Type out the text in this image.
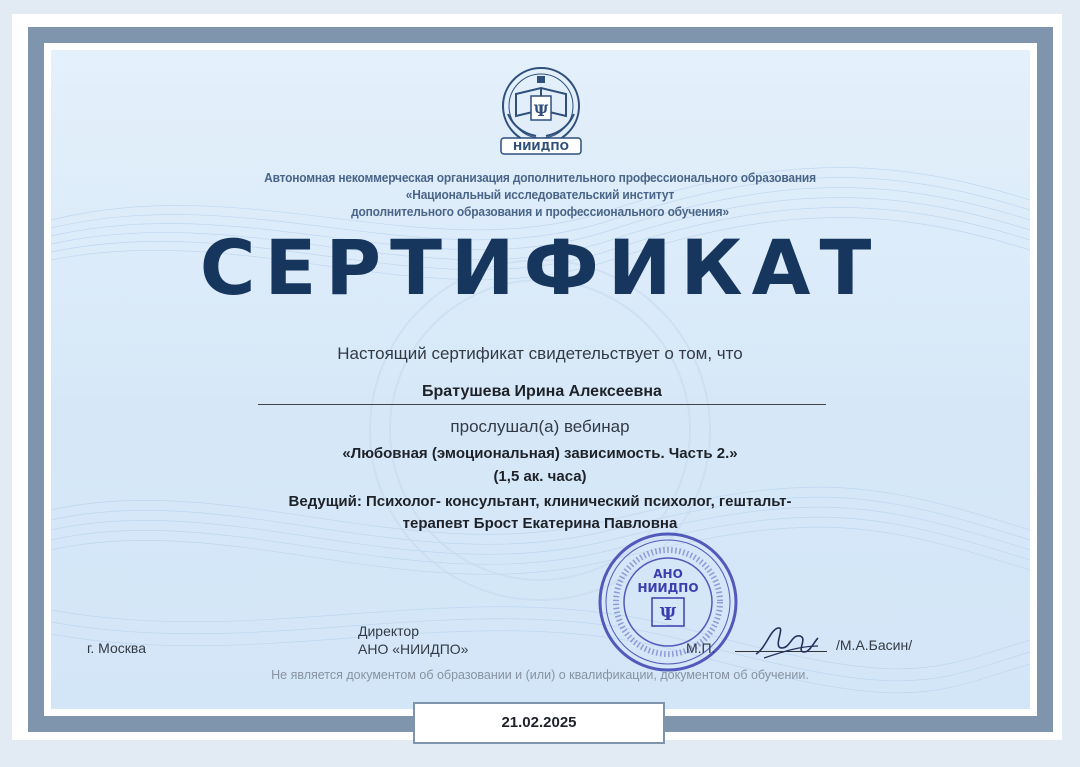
Ψ
НИИДПО
Автономная некоммерческая организация дополнительного профессионального образования
«Национальный исследовательский институт
дополнительного образования и профессионального обучения»
СЕРТИФИКАТ
Настоящий сертификат свидетельствует о том, что
Братушева Ирина Алексеевна
прослушал(а) вебинар
«Любовная (эмоциональная) зависимость. Часть 2.»
(1,5 ак. часа)
Ведущий: Психолог- консультант, клинический психолог, гештальт-
терапевт Брост Екатерина Павловна
АНО
НИИДПО
Ψ
г. Москва
Директор
АНО «НИИДПО»	М.П.	/М.А.Басин/
Не является документом об образовании и (или) о квалификации, документом об обучении.
21.02.2025
